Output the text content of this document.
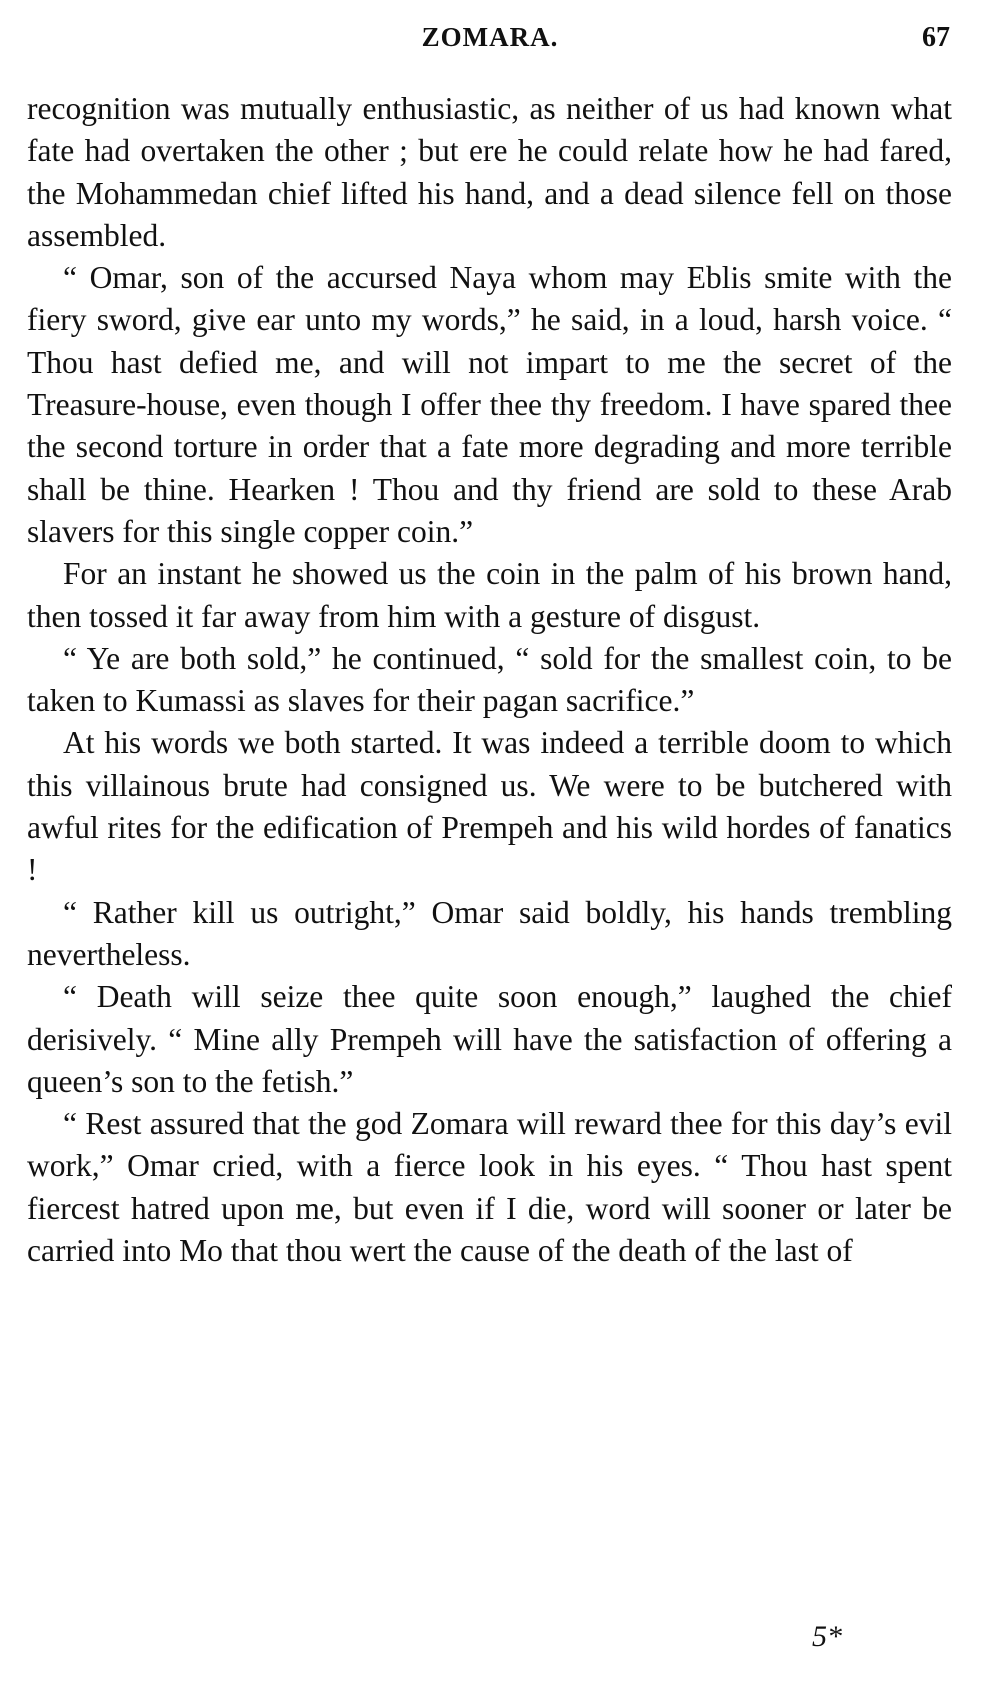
ZOMARA.	67

recognition was mutually enthusiastic, as neither of us had known what fate had overtaken the other ; but ere he could relate how he had fared, the Mohammedan chief lifted his hand, and a dead silence fell on those assembled.

“ Omar, son of the accursed Naya whom may Eblis smite with the fiery sword, give ear unto my words,” he said, in a loud, harsh voice. “ Thou hast defied me, and will not impart to me the secret of the Treasure-house, even though I offer thee thy freedom. I have spared thee the second torture in order that a fate more degrading and more terrible shall be thine. Hearken ! Thou and thy friend are sold to these Arab slavers for this single copper coin.”

For an instant he showed us the coin in the palm of his brown hand, then tossed it far away from him with a gesture of disgust.

“ Ye are both sold,” he continued, “ sold for the smallest coin, to be taken to Kumassi as slaves for their pagan sacrifice.”

At his words we both started. It was indeed a terrible doom to which this villainous brute had consigned us. We were to be butchered with awful rites for the edification of Prempeh and his wild hordes of fanatics !

“ Rather kill us outright,” Omar said boldly, his hands trembling nevertheless.

“ Death will seize thee quite soon enough,” laughed the chief derisively. “ Mine ally Prempeh will have the satisfaction of offering a queen’s son to the fetish.”

“ Rest assured that the god Zomara will reward thee for this day’s evil work,” Omar cried, with a fierce look in his eyes. “ Thou hast spent fiercest hatred upon me, but even if I die, word will sooner or later be carried into Mo that thou wert the cause of the death of the last of

5*
